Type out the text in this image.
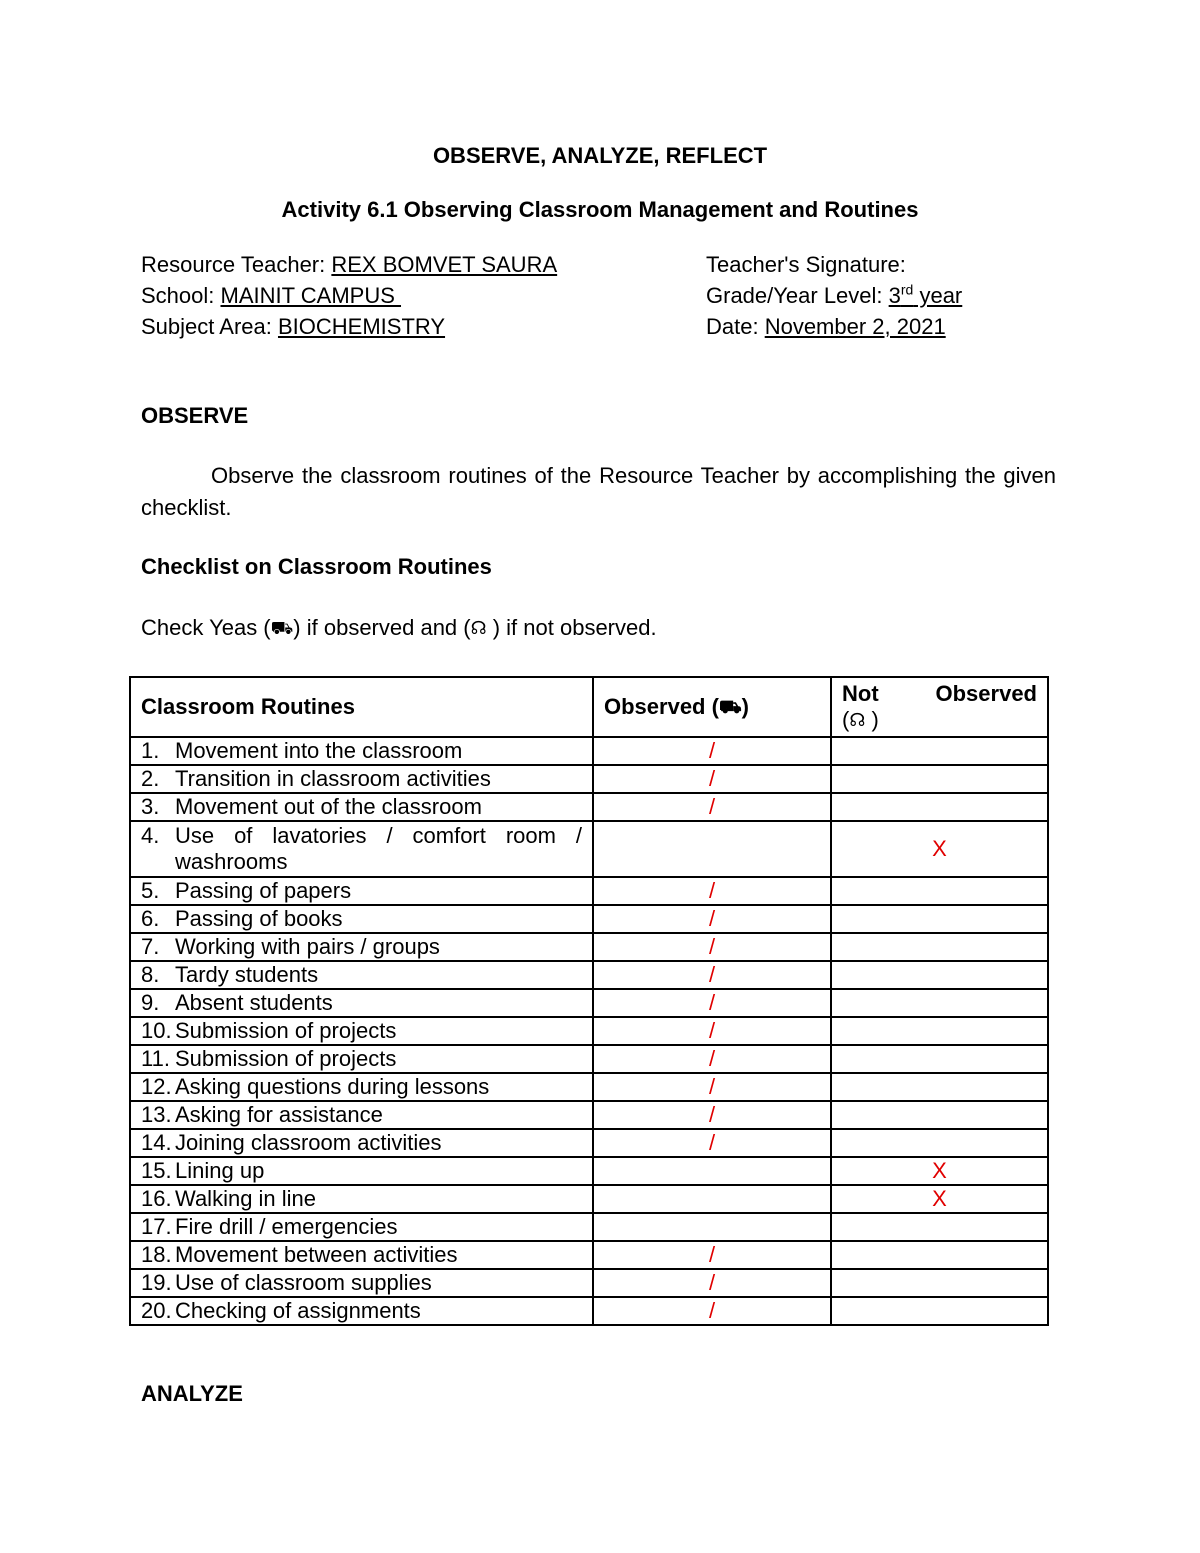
OBSERVE, ANALYZE, REFLECT
Activity 6.1 Observing Classroom Management and Routines
Resource Teacher: REX BOMVET SAURA
School: MAINIT CAMPUS
Subject Area: BIOCHEMISTRY
Teacher's Signature:
Grade/Year Level: 3rd year
Date: November 2, 2021
OBSERVE
Observe the classroom routines of the Resource Teacher by accomplishing the given checklist.
Checklist on Classroom Routines
Check Yeas (⛟) if observed and (☊ ) if not observed.
Classroom Routines	Observed (⛟)	Not Observed
(☊ )

1. Movement into the classroom	/	
2. Transition in classroom activities	/	
3. Movement out of the classroom	/	

4. Use of lavatories / comfort room /
washrooms		X
5. Passing of papers	/	
6. Passing of books	/	
7. Working with pairs / groups	/	
8. Tardy students	/	
9. Absent students	/	
10. Submission of projects	/	
11. Submission of projects	/	
12. Asking questions during lessons	/	
13. Asking for assistance	/	
14. Joining classroom activities	/	
15. Lining up		X
16. Walking in line		X
17. Fire drill / emergencies		
18. Movement between activities	/	
19. Use of classroom supplies	/	
20. Checking of assignments	/	
ANALYZE
